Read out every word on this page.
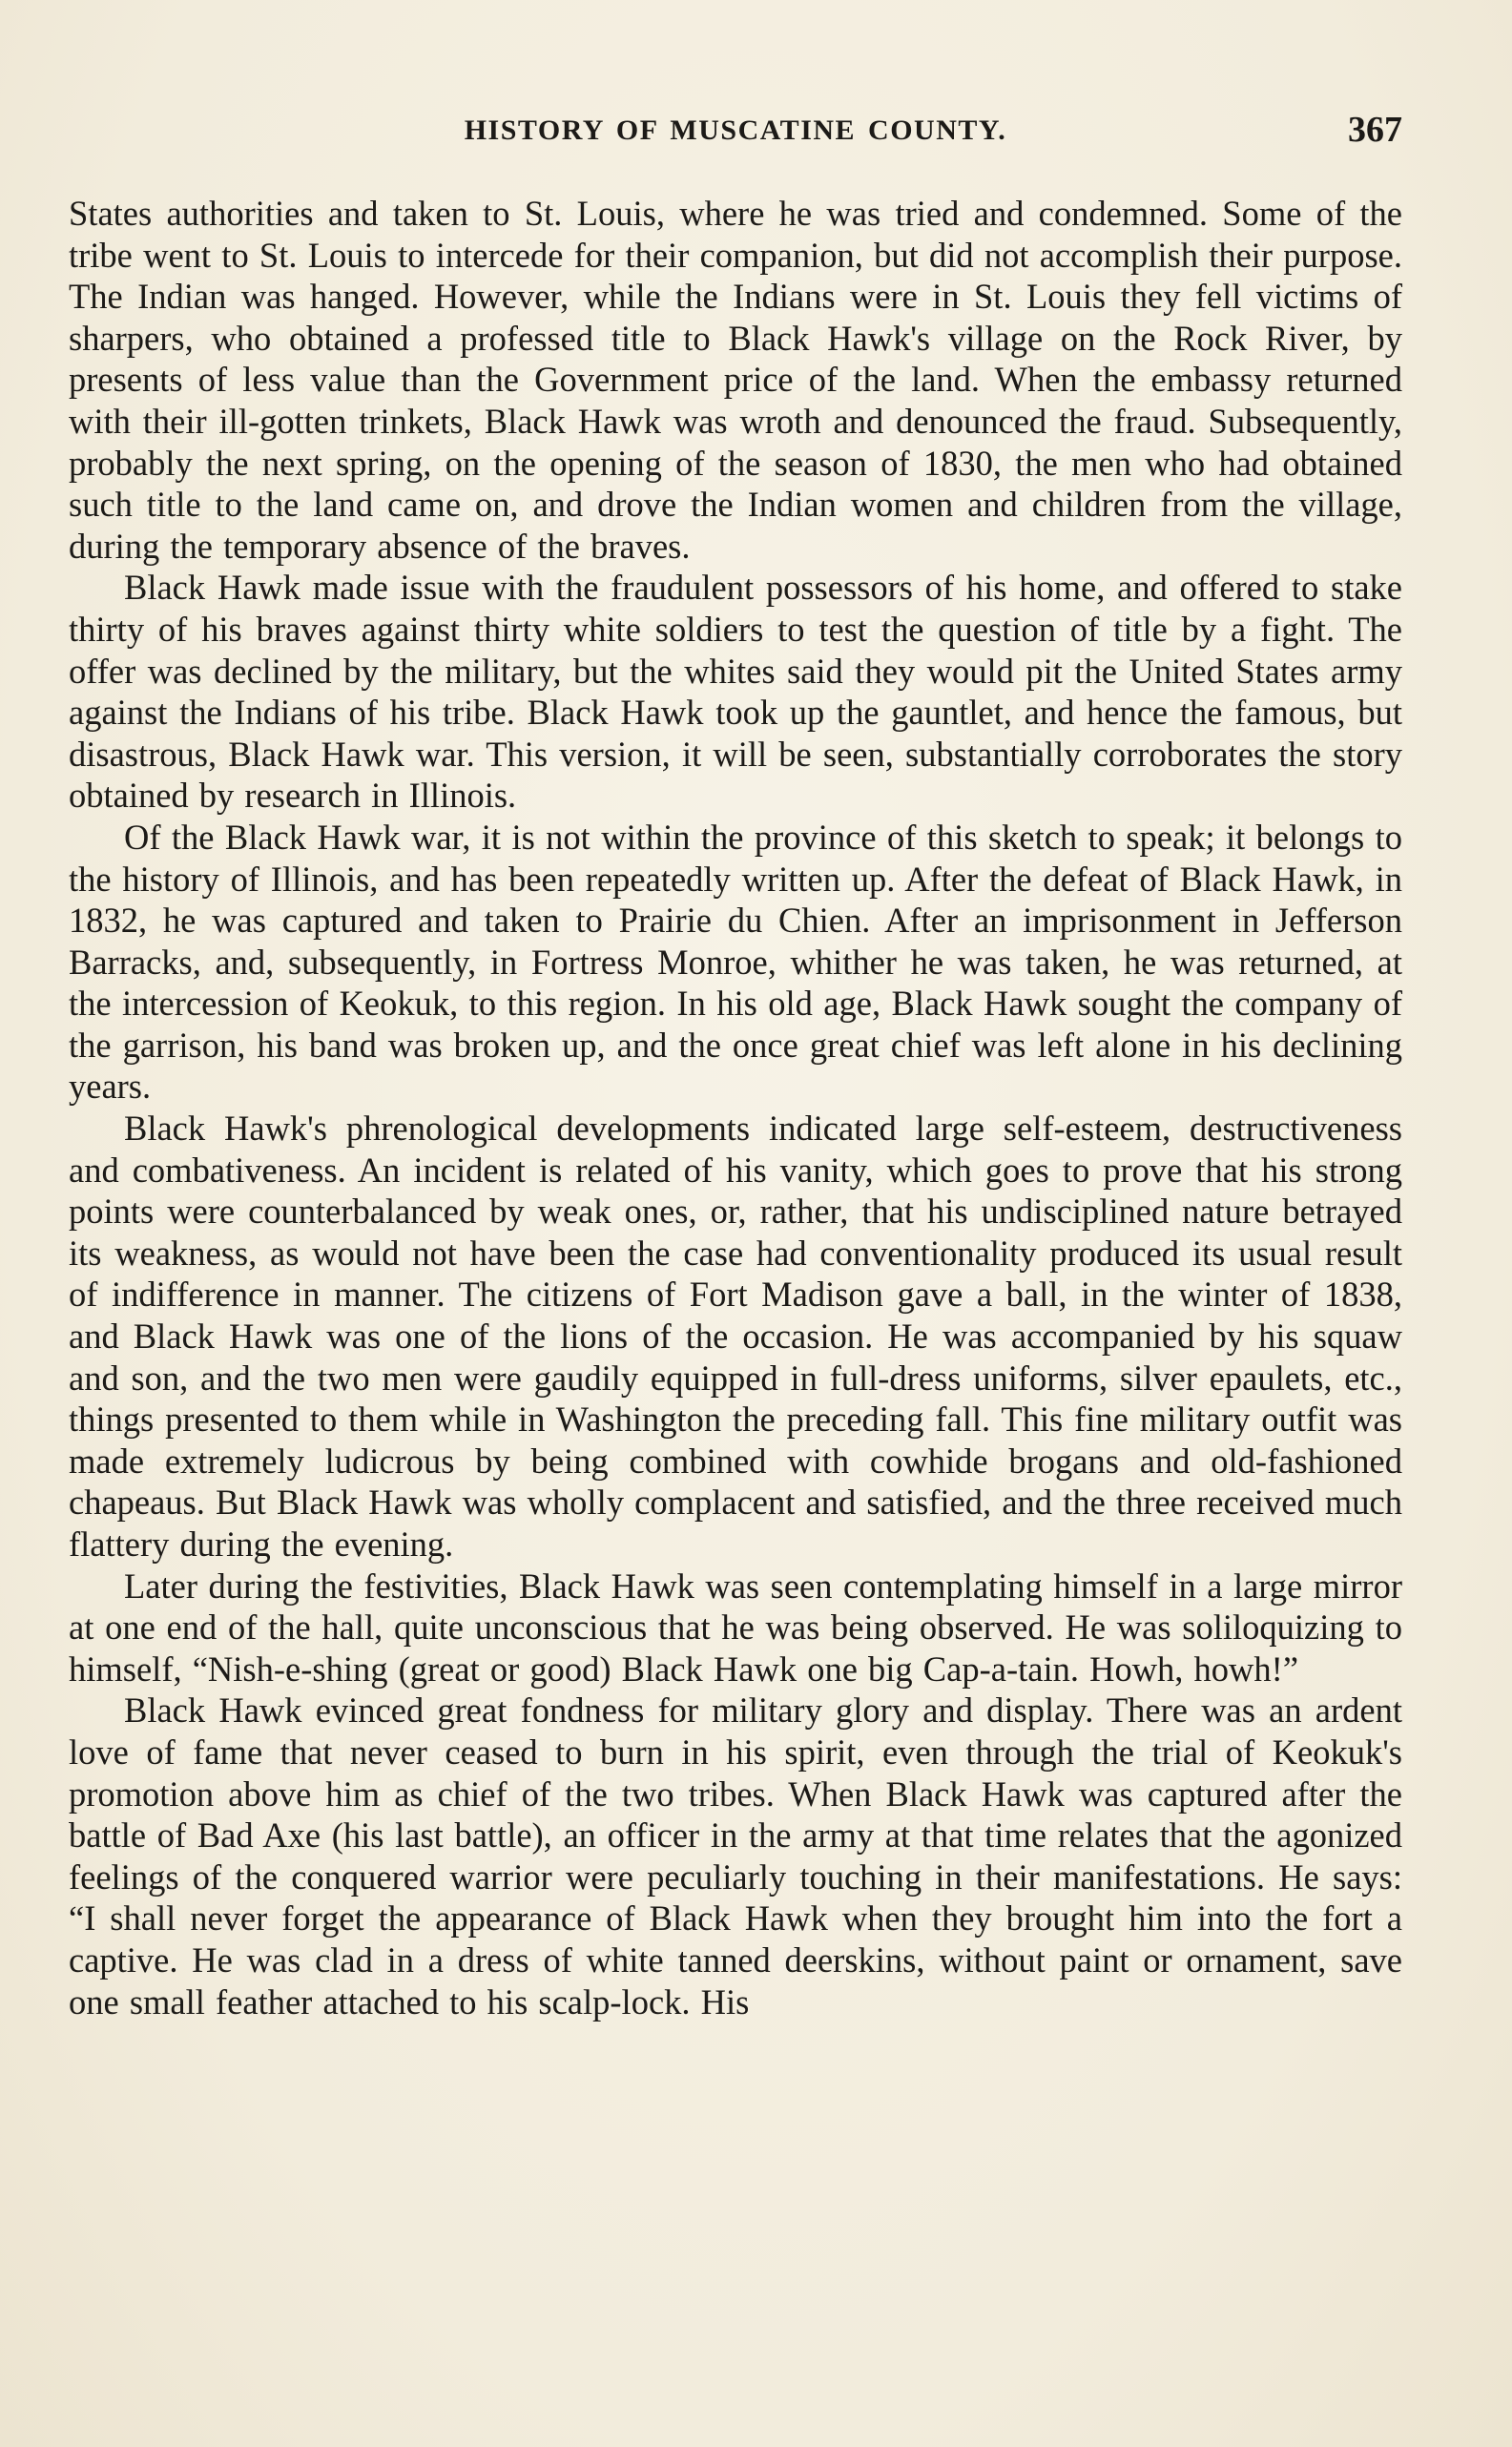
HISTORY OF MUSCATINE COUNTY.	367

States authorities and taken to St. Louis, where he was tried and condemned. Some of the tribe went to St. Louis to intercede for their companion, but did not accomplish their purpose. The Indian was hanged. However, while the Indians were in St. Louis they fell victims of sharpers, who obtained a professed title to Black Hawk's village on the Rock River, by presents of less value than the Government price of the land. When the embassy returned with their ill-gotten trinkets, Black Hawk was wroth and denounced the fraud. Subsequently, probably the next spring, on the opening of the season of 1830, the men who had obtained such title to the land came on, and drove the Indian women and children from the village, during the temporary absence of the braves.

Black Hawk made issue with the fraudulent possessors of his home, and offered to stake thirty of his braves against thirty white soldiers to test the question of title by a fight. The offer was declined by the military, but the whites said they would pit the United States army against the Indians of his tribe. Black Hawk took up the gauntlet, and hence the famous, but disastrous, Black Hawk war. This version, it will be seen, substantially corroborates the story obtained by research in Illinois.

Of the Black Hawk war, it is not within the province of this sketch to speak; it belongs to the history of Illinois, and has been repeatedly written up. After the defeat of Black Hawk, in 1832, he was captured and taken to Prairie du Chien. After an imprisonment in Jefferson Barracks, and, subsequently, in Fortress Monroe, whither he was taken, he was returned, at the intercession of Keokuk, to this region. In his old age, Black Hawk sought the company of the garrison, his band was broken up, and the once great chief was left alone in his declining years.

Black Hawk's phrenological developments indicated large self-esteem, destructiveness and combativeness. An incident is related of his vanity, which goes to prove that his strong points were counterbalanced by weak ones, or, rather, that his undisciplined nature betrayed its weakness, as would not have been the case had conventionality produced its usual result of indifference in manner. The citizens of Fort Madison gave a ball, in the winter of 1838, and Black Hawk was one of the lions of the occasion. He was accompanied by his squaw and son, and the two men were gaudily equipped in full-dress uniforms, silver epaulets, etc., things presented to them while in Washington the preceding fall. This fine military outfit was made extremely ludicrous by being combined with cowhide brogans and old-fashioned chapeaus. But Black Hawk was wholly complacent and satisfied, and the three received much flattery during the evening.

Later during the festivities, Black Hawk was seen contemplating himself in a large mirror at one end of the hall, quite unconscious that he was being observed. He was soliloquizing to himself, “Nish-e-shing (great or good) Black Hawk one big Cap-a-tain. Howh, howh!”

Black Hawk evinced great fondness for military glory and display. There was an ardent love of fame that never ceased to burn in his spirit, even through the trial of Keokuk's promotion above him as chief of the two tribes. When Black Hawk was captured after the battle of Bad Axe (his last battle), an officer in the army at that time relates that the agonized feelings of the conquered warrior were peculiarly touching in their manifestations. He says: “I shall never forget the appearance of Black Hawk when they brought him into the fort a captive. He was clad in a dress of white tanned deerskins, without paint or ornament, save one small feather attached to his scalp-lock. His
